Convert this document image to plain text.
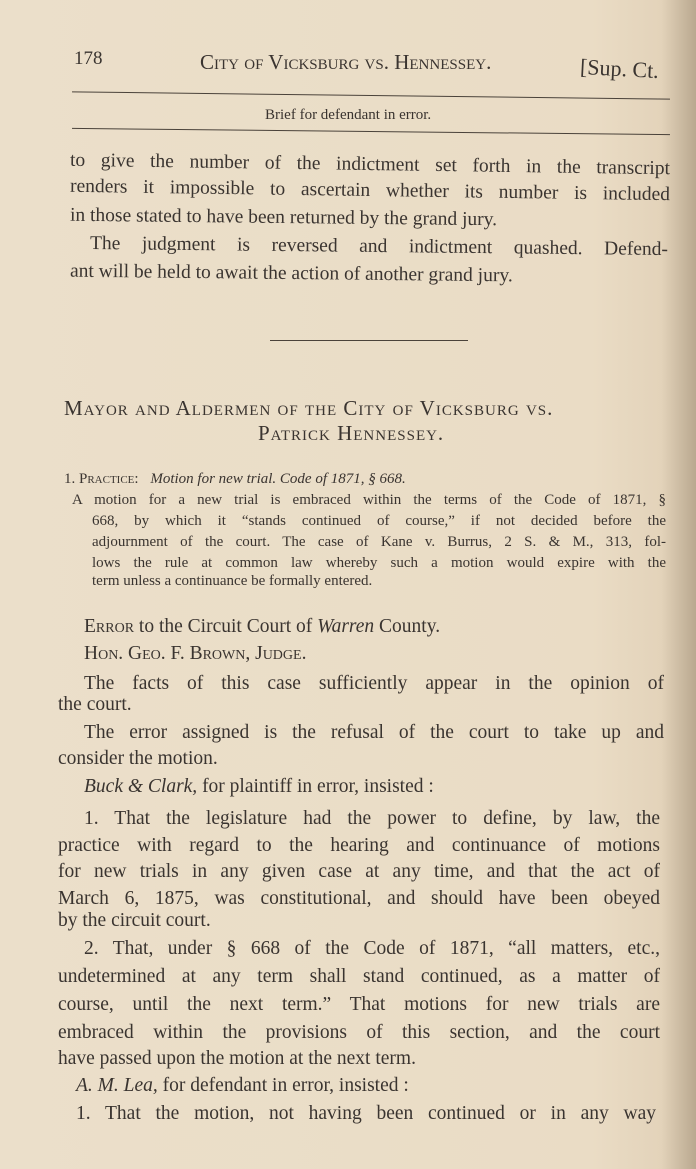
178	City of Vicksburg vs. Hennessey.	[Sup. Ct.
Brief for defendant in error.
to give the number of the indictment set forth in the transcript
renders it impossible to ascertain whether its number is included
in those stated to have been returned by the grand jury.
The judgment is reversed and indictment quashed. Defend-
ant will be held to await the action of another grand jury.
Mayor and Aldermen of the City of Vicksburg vs.
Patrick Hennessey.
1. Practice: Motion for new trial. Code of 1871, § 668.
A motion for a new trial is embraced within the terms of the Code of 1871, §
668, by which it “stands continued of course,” if not decided before the
adjournment of the court. The case of Kane v. Burrus, 2 S. & M., 313, fol-
lows the rule at common law whereby such a motion would expire with the
term unless a continuance be formally entered.
Error to the Circuit Court of Warren County.
Hon. Geo. F. Brown, Judge.
The facts of this case sufficiently appear in the opinion of
the court.
The error assigned is the refusal of the court to take up and
consider the motion.
Buck & Clark, for plaintiff in error, insisted :
1. That the legislature had the power to define, by law, the
practice with regard to the hearing and continuance of motions
for new trials in any given case at any time, and that the act of
March 6, 1875, was constitutional, and should have been obeyed
by the circuit court.
2. That, under § 668 of the Code of 1871, “all matters, etc.,
undetermined at any term shall stand continued, as a matter of
course, until the next term.” That motions for new trials are
embraced within the provisions of this section, and the court
have passed upon the motion at the next term.
A. M. Lea, for defendant in error, insisted :
1. That the motion, not having been continued or in any way
